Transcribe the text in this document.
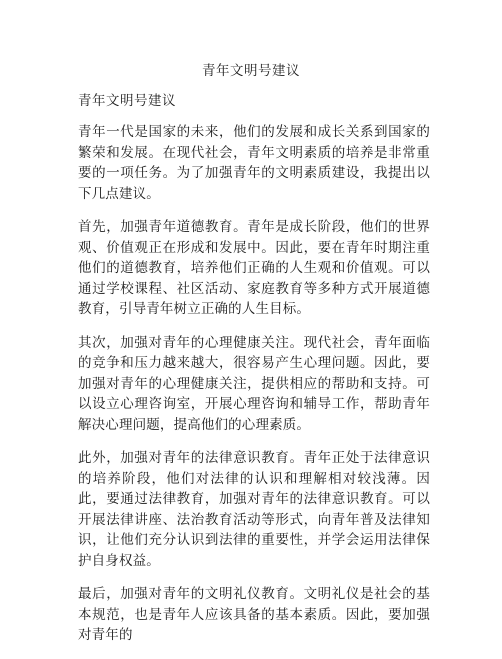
青年文明号建议
青年文明号建议

青年一代是国家的未来，他们的发展和成长关系到国家的繁荣和发展。在现代社会，青年文明素质的培养是非常重要的一项任务。为了加强青年的文明素质建设，我提出以下几点建议。

首先，加强青年道德教育。青年是成长阶段，他们的世界观、价值观正在形成和发展中。因此，要在青年时期注重他们的道德教育，培养他们正确的人生观和价值观。可以通过学校课程、社区活动、家庭教育等多种方式开展道德教育，引导青年树立正确的人生目标。

其次，加强对青年的心理健康关注。现代社会，青年面临的竞争和压力越来越大，很容易产生心理问题。因此，要加强对青年的心理健康关注，提供相应的帮助和支持。可以设立心理咨询室，开展心理咨询和辅导工作，帮助青年解决心理问题，提高他们的心理素质。

此外，加强对青年的法律意识教育。青年正处于法律意识的培养阶段，他们对法律的认识和理解相对较浅薄。因此，要通过法律教育，加强对青年的法律意识教育。可以开展法律讲座、法治教育活动等形式，向青年普及法律知识，让他们充分认识到法律的重要性，并学会运用法律保护自身权益。

最后，加强对青年的文明礼仪教育。文明礼仪是社会的基本规范，也是青年人应该具备的基本素质。因此，要加强对青年的
